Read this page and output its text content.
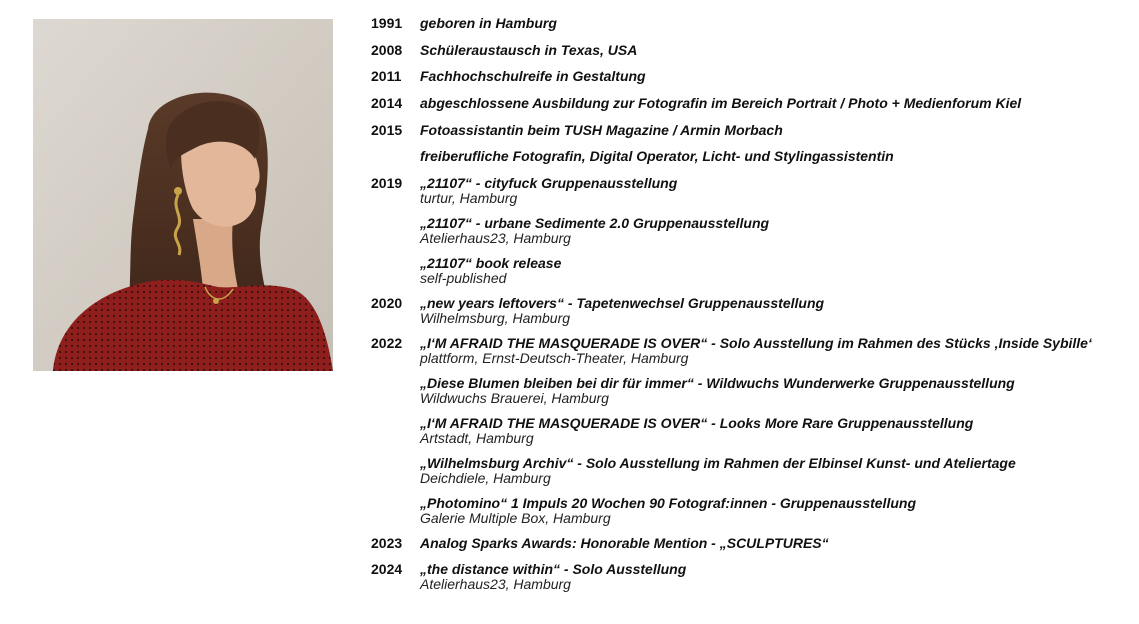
1991	geboren in Hamburg
2008	Schüleraustausch in Texas, USA
2011	Fachhochschulreife in Gestaltung
2014	abgeschlossene Ausbildung zur Fotografin im Bereich Portrait / Photo + Medienforum Kiel
2015	Fotoassistantin beim TUSH Magazine / Armin Morbach
freiberufliche Fotografin, Digital Operator, Licht- und Stylingassistentin
2019	„21107“ - cityfuck Gruppenausstellung
turtur, Hamburg
„21107“ - urbane Sedimente 2.0 Gruppenausstellung
Atelierhaus23, Hamburg
„21107“ book release
self-published
2020	„new years leftovers“ - Tapetenwechsel Gruppenausstellung
Wilhelmsburg, Hamburg
2022	„I‘M AFRAID THE MASQUERADE IS OVER“ - Solo Ausstellung im Rahmen des Stücks ‚Inside Sybille‘
plattform, Ernst-Deutsch-Theater, Hamburg
„Diese Blumen bleiben bei dir für immer“ - Wildwuchs Wunderwerke Gruppenausstellung
Wildwuchs Brauerei, Hamburg
„I‘M AFRAID THE MASQUERADE IS OVER“ - Looks More Rare Gruppenausstellung
Artstadt, Hamburg
„Wilhelmsburg Archiv“ - Solo Ausstellung im Rahmen der Elbinsel Kunst- und Ateliertage
Deichdiele, Hamburg
„Photomino“ 1 Impuls 20 Wochen 90 Fotograf:innen - Gruppenausstellung
Galerie Multiple Box, Hamburg
2023	Analog Sparks Awards: Honorable Mention - „SCULPTURES“
2024	„the distance within“ - Solo Ausstellung
Atelierhaus23, Hamburg
